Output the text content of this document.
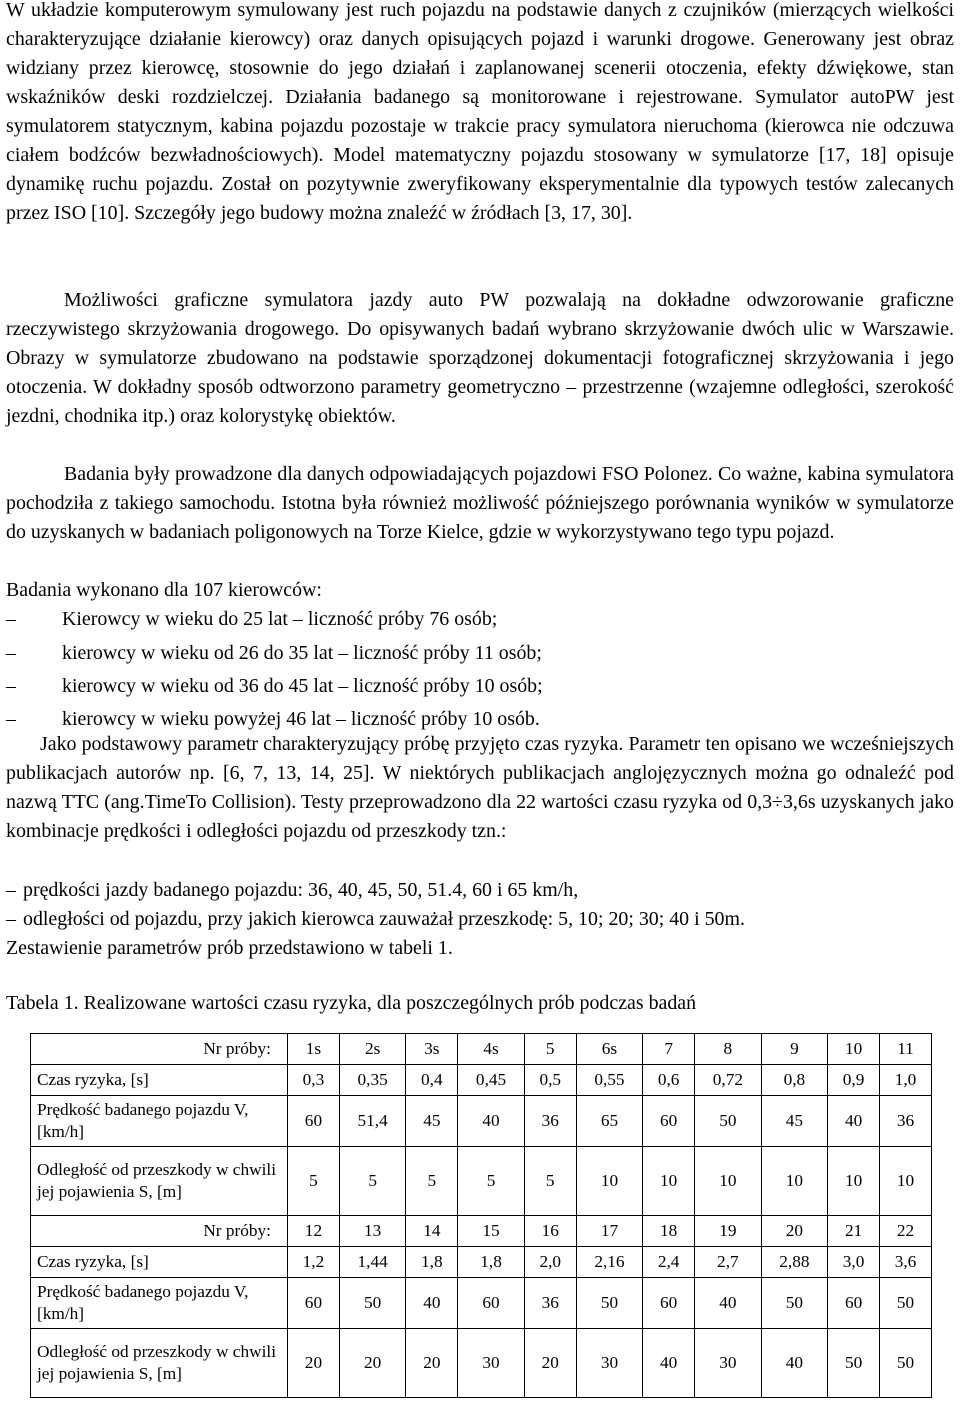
W układzie komputerowym symulowany jest ruch pojazdu na podstawie danych z czujników (mierzących wielkości charakteryzujące działanie kierowcy) oraz danych opisujących pojazd i warunki drogowe. Generowany jest obraz widziany przez kierowcę, stosownie do jego działań i zaplanowanej scenerii otoczenia, efekty dźwiękowe, stan wskaźników deski rozdzielczej. Działania badanego są monitorowane i rejestrowane. Symulator autoPW jest symulatorem statycznym, kabina pojazdu pozostaje w trakcie pracy symulatora nieruchoma (kierowca nie odczuwa ciałem bodźców bezwładnościowych). Model matematyczny pojazdu stosowany w symulatorze [17, 18] opisuje dynamikę ruchu pojazdu. Został on pozytywnie zweryfikowany eksperymentalnie dla typowych testów zalecanych przez ISO [10]. Szczegóły jego budowy można znaleźć w źródłach [3, 17, 30].

Możliwości graficzne symulatora jazdy auto PW pozwalają na dokładne odwzorowanie graficzne rzeczywistego skrzyżowania drogowego. Do opisywanych badań wybrano skrzyżowanie dwóch ulic w Warszawie. Obrazy w symulatorze zbudowano na podstawie sporządzonej dokumentacji fotograficznej skrzyżowania i jego otoczenia. W dokładny sposób odtworzono parametry geometryczno – przestrzenne (wzajemne odległości, szerokość jezdni, chodnika itp.) oraz kolorystykę obiektów.

Badania były prowadzone dla danych odpowiadających pojazdowi FSO Polonez. Co ważne, kabina symulatora pochodziła z takiego samochodu. Istotna była również możliwość późniejszego porównania wyników w symulatorze do uzyskanych w badaniach poligonowych na Torze Kielce, gdzie w wykorzystywano tego typu pojazd.

Badania wykonano dla 107 kierowców:

– Kierowcy w wieku do 25 lat – liczność próby 76 osób;
– kierowcy w wieku od 26 do 35 lat – liczność próby 11 osób;
– kierowcy w wieku od 36 do 45 lat – liczność próby 10 osób;
– kierowcy w wieku powyżej 46 lat – liczność próby 10 osób.

Jako podstawowy parametr charakteryzujący próbę przyjęto czas ryzyka. Parametr ten opisano we wcześniejszych publikacjach autorów np. [6, 7, 13, 14, 25]. W niektórych publikacjach anglojęzycznych można go odnaleźć pod nazwą TTC (ang.TimeTo Collision). Testy przeprowadzono dla 22 wartości czasu ryzyka od 0,3÷3,6s uzyskanych jako kombinacje prędkości i odległości pojazdu od przeszkody tzn.:

– prędkości jazdy badanego pojazdu: 36, 40, 45, 50, 51.4, 60 i 65 km/h,
– odległości od pojazdu, przy jakich kierowca zauważał przeszkodę: 5, 10; 20; 30; 40 i 50m.

Zestawienie parametrów prób przedstawiono w tabeli 1.

Tabela 1. Realizowane wartości czasu ryzyka, dla poszczególnych prób podczas badań

Nr próby:	1s	2s	3s	4s	5	6s	7	8	9	10	11
Czas ryzyka, [s]	0,3	0,35	0,4	0,45	0,5	0,55	0,6	0,72	0,8	0,9	1,0
Prędkość badanego pojazdu V, [km/h]	60	51,4	45	40	36	65	60	50	45	40	36
Odległość od przeszkody w chwili jej pojawienia S, [m]	5	5	5	5	5	10	10	10	10	10	10
Nr próby:	12	13	14	15	16	17	18	19	20	21	22
Czas ryzyka, [s]	1,2	1,44	1,8	1,8	2,0	2,16	2,4	2,7	2,88	3,0	3,6
Prędkość badanego pojazdu V, [km/h]	60	50	40	60	36	50	60	40	50	60	50
Odległość od przeszkody w chwili jej pojawienia S, [m]	20	20	20	30	20	30	40	30	40	50	50
